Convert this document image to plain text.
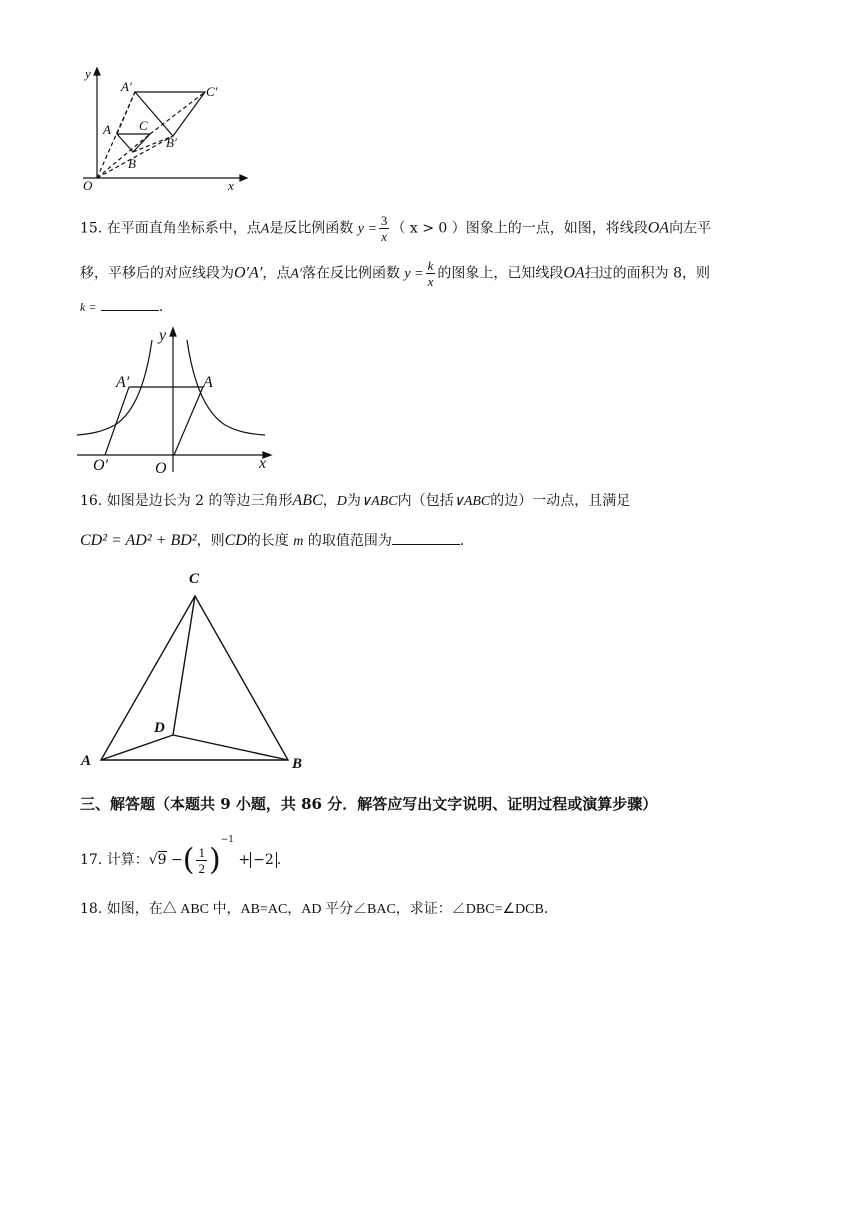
y
x
O
A
B
C
A′
B′
C′
15. 在平面直角坐标系中，点A是反比例函数 $y = \frac{3}{x}$ （ x > 0 ）图象上的一点，如图，将线段OA向左平
移，平移后的对应线段为O′A′，点A′落在反比例函数 $y = \frac{k}{x}$ 的图象上，已知线段OA扫过的面积为 8，则
k =	.
y
x
O
O′
A
A′
16. 如图是边长为 2 的等边三角形ABC，D为∨ABC内（包括∨ABC的边）一动点，且满足
CD² = AD² + BD²，则CD的长度 m 的取值范围为	.
C
A	B
D
三、解答题（本题共 9 小题，共 86 分．解答应写出文字说明、证明过程或演算步骤）
17. 计算：√9 −( $\frac{1}{2} )^{-1} + -2$ .
18. 如图，在△ ABC 中，AB=AC，AD 平分∠BAC，求证：∠DBC=∠DCB．
